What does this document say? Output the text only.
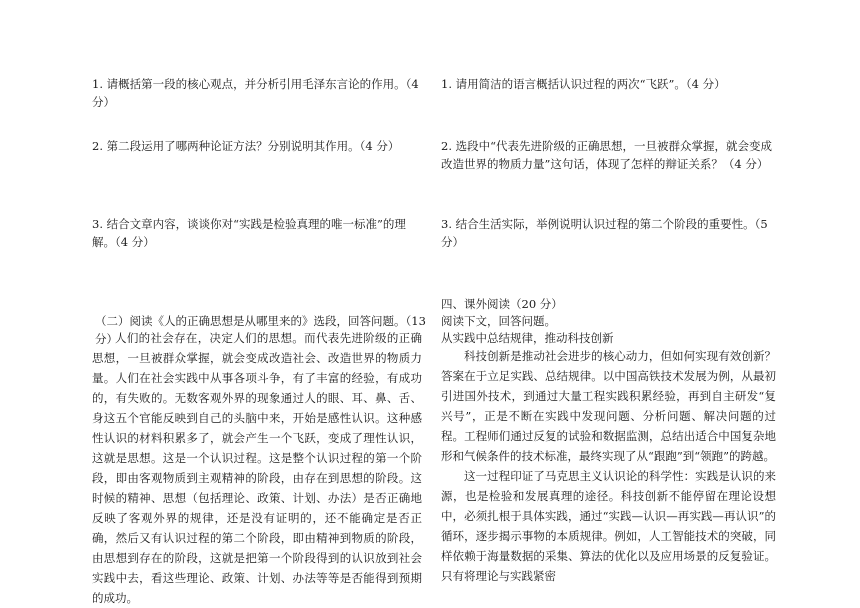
1. 请概括第一段的核心观点，并分析引用毛泽东言论的作用。（4 分）
2. 第二段运用了哪两种论证方法？分别说明其作用。（4 分）
3. 结合文章内容，谈谈你对“实践是检验真理的唯一标准”的理解。（4 分）
1. 请用简洁的语言概括认识过程的两次“飞跃”。（4 分）
2. 选段中“代表先进阶级的正确思想，一旦被群众掌握，就会变成改造世界的物质力量”这句话，体现了怎样的辩证关系？（4 分）
3. 结合生活实际，举例说明认识过程的第二个阶段的重要性。（5 分）
（二）阅读《人的正确思想是从哪里来的》选段，回答问题。（13 分）
人们的社会存在，决定人们的思想。而代表先进阶级的正确思想，一旦被群众掌握，就会变成改造社会、改造世界的物质力量。人们在社会实践中从事各项斗争，有了丰富的经验，有成功的，有失败的。无数客观外界的现象通过人的眼、耳、鼻、舌、身这五个官能反映到自己的头脑中来，开始是感性认识。这种感性认识的材料积累多了，就会产生一个飞跃，变成了理性认识，这就是思想。这是一个认识过程。这是整个认识过程的第一个阶段，即由客观物质到主观精神的阶段，由存在到思想的阶段。这时候的精神、思想（包括理论、政策、计划、办法）是否正确地反映了客观外界的规律，还是没有证明的，还不能确定是否正确，然后又有认识过程的第二个阶段，即由精神到物质的阶段，由思想到存在的阶段，这就是把第一个阶段得到的认识放到社会实践中去，看这些理论、政策、计划、办法等等是否能得到预期的成功。
四、课外阅读（20 分）
阅读下文，回答问题。
从实践中总结规律，推动科技创新
科技创新是推动社会进步的核心动力，但如何实现有效创新？答案在于立足实践、总结规律。以中国高铁技术发展为例，从最初引进国外技术，到通过大量工程实践积累经验，再到自主研发“复兴号”，正是不断在实践中发现问题、分析问题、解决问题的过程。工程师们通过反复的试验和数据监测，总结出适合中国复杂地形和气候条件的技术标准，最终实现了从“跟跑”到“领跑”的跨越。
这一过程印证了马克思主义认识论的科学性：实践是认识的来源，也是检验和发展真理的途径。科技创新不能停留在理论设想中，必须扎根于具体实践，通过“实践—认识—再实践—再认识”的循环，逐步揭示事物的本质规律。例如，人工智能技术的突破，同样依赖于海量数据的采集、算法的优化以及应用场景的反复验证。只有将理论与实践紧密
